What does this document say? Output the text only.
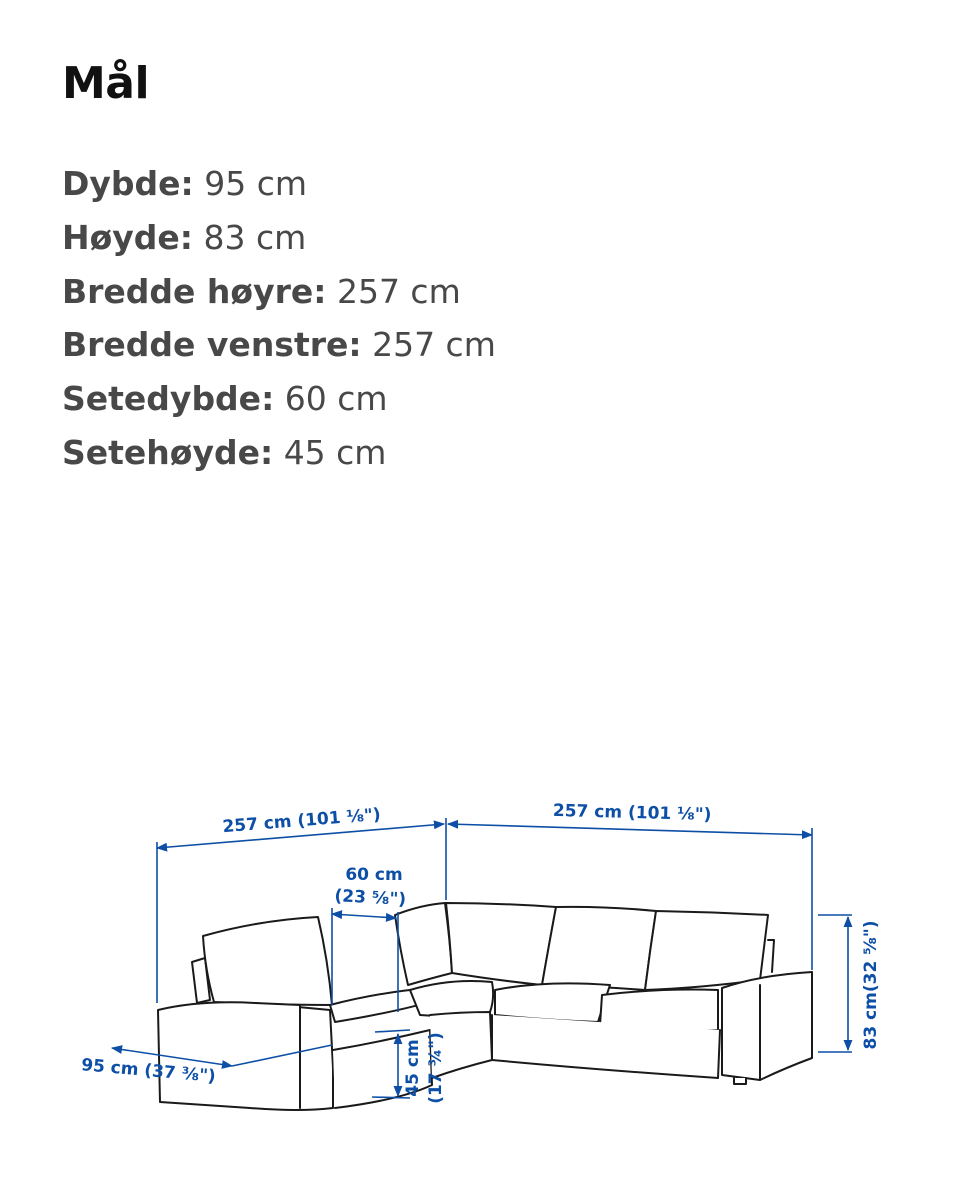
Mål
Dybde: 95 cm
Høyde: 83 cm
Bredde høyre: 257 cm
Bredde venstre: 257 cm
Setedybde: 60 cm
Setehøyde: 45 cm
257 cm (101 ⅛")	257 cm (101 ⅛")
60 cm
(23 ⅝")
83 cm(32 ⅝")
45 cm (17 ¾")
95 cm (37 ⅜")
